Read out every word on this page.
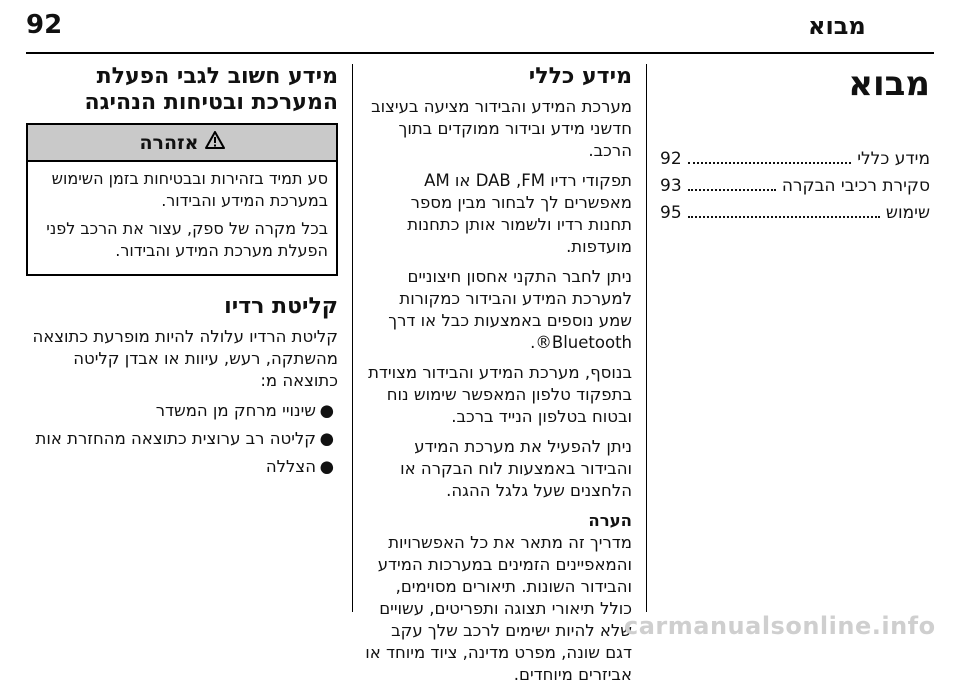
92	מבוא
מבוא
מידע כללי
92
סקירת רכיבי הבקרה
93
שימוש
95
מידע כללי

מערכת המידע והבידור מציעה בעיצוב חדשני מידע ובידור ממוקדים בתוך הרכב.

תפקודי רדיו DAB ,FM או AM מאפשרים לך לבחור מבין מספר תחנות רדיו ולשמור אותן כתחנות מועדפות.

ניתן לחבר התקני אחסון חיצוניים למערכת המידע והבידור כמקורות שמע נוספים באמצעות כבל או דרך Bluetooth®.

בנוסף, מערכת המידע והבידור מצוידת בתפקוד טלפון המאפשר שימוש נוח ובטוח בטלפון הנייד ברכב.

ניתן להפעיל את מערכת המידע והבידור באמצעות לוח הבקרה או הלחצנים שעל גלגל ההגה.

הערה

מדריך זה מתאר את כל האפשרויות והמאפיינים הזמינים במערכות המידע והבידור השונות. תיאורים מסוימים, כולל תיאורי תצוגה ותפריטים, עשויים שלא להיות ישימים לרכב שלך עקב דגם שונה, מפרט מדינה, ציוד מיוחד או אביזרים מיוחדים.

מידע חשוב לגבי הפעלת המערכת ובטיחות הנהיגה
אזהרה

סע תמיד בזהירות ובבטיחות בזמן השימוש במערכת המידע והבידור.

בכל מקרה של ספק, עצור את הרכב לפני הפעלת מערכת המידע והבידור.

קליטת רדיו

קליטת הרדיו עלולה להיות מופרעת כתוצאה מהשתקה, רעש, עיוות או אבדן קליטה כתוצאה מ:

●
שינויי מרחק מן המשדר
●
קליטה רב ערוצית כתוצאה מהחזרת אות
●
הצללה
carmanualsonline.info
